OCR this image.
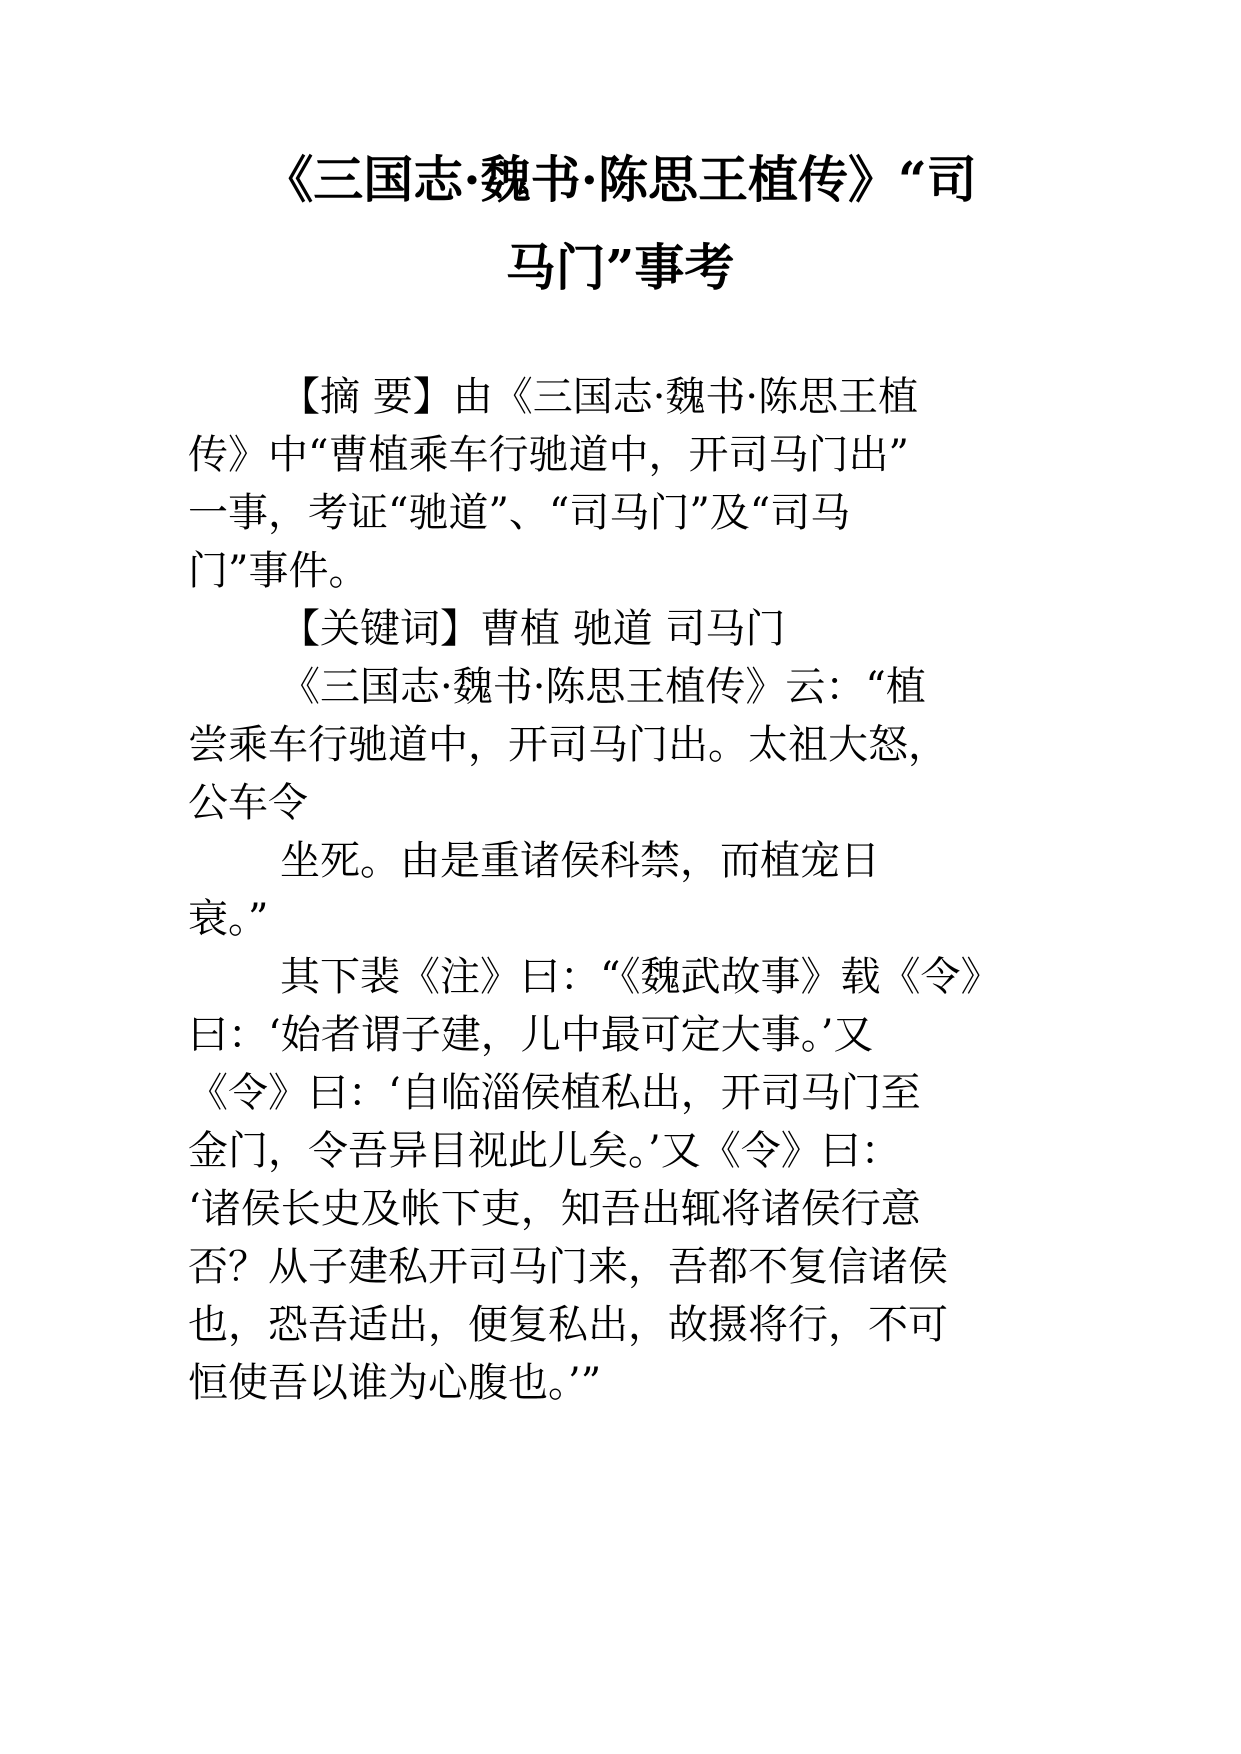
《三国志·魏书·陈思王植传》“司
马门”事考
【摘 要】由《三国志·魏书·陈思王植
传》中“曹植乘车行驰道中，开司马门出”
一事，考证“驰道”、“司马门”及“司马
门”事件。
【关键词】曹植 驰道 司马门
《三国志·魏书·陈思王植传》云：“植
尝乘车行驰道中，开司马门出。太祖大怒，
公车令
坐死。由是重诸侯科禁，而植宠日
衰。”
其下裴《注》曰：“《魏武故事》载《令》
曰：‘始者谓子建，儿中最可定大事。’又
《令》曰：‘自临淄侯植私出，开司马门至
金门，令吾异目视此儿矣。’又《令》曰：
‘诸侯长史及帐下吏，知吾出辄将诸侯行意
否？从子建私开司马门来，吾都不复信诸侯
也，恐吾适出，便复私出，故摄将行，不可
恒使吾以谁为心腹也。’”
